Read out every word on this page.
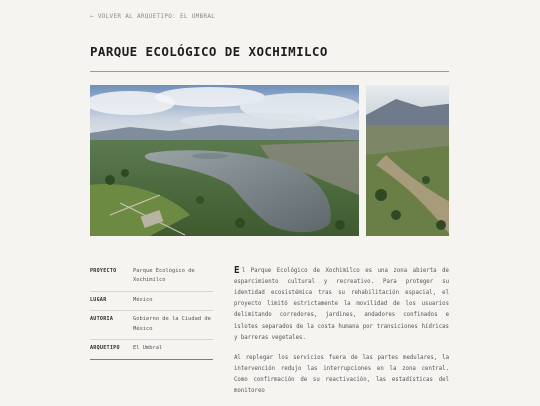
← VOLVER AL ARQUETIPO: EL UMBRAL
PARQUE ECOLÓGICO DE XOCHIMILCO
PROYECTO	Parque Ecológico de Xochimilco
LUGAR	México
AUTORIA	Gobierno de la Ciudad de México
ARQUETIPO	El Umbral

El Parque Ecológico de Xochimilco es una zona abierta de esparcimiento cultural y recreativo. Para proteger su identidad ecosistémica tras su rehabilitación espacial, el proyecto limitó estrictamente la movilidad de los usuarios delimitando corredores, jardines, andadores confinados e islotes separados de la costa humana por transiciones hídricas y barreras vegetales.

Al replegar los servicios fuera de las partes medulares, la intervención redujo las interrupciones en la zona central. Como confirmación de su reactivación, las estadísticas del monitoreo
